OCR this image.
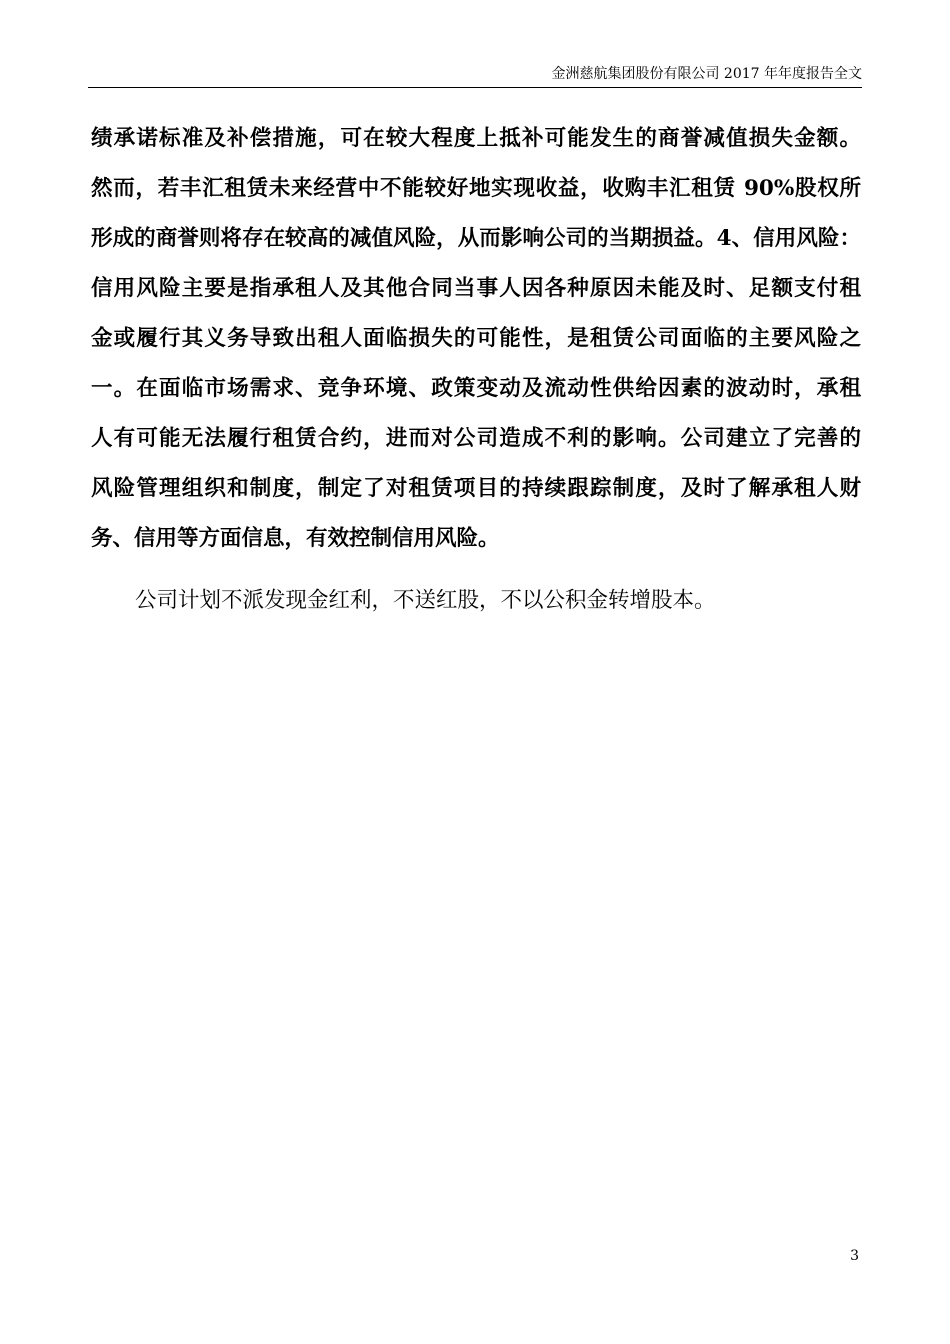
金洲慈航集团股份有限公司 2017 年年度报告全文
绩承诺标准及补偿措施，可在较大程度上抵补可能发生的商誉减值损失金额。
然而，若丰汇租赁未来经营中不能较好地实现收益，收购丰汇租赁 90%股权所
形成的商誉则将存在较高的减值风险，从而影响公司的当期损益。4、信用风险：
信用风险主要是指承租人及其他合同当事人因各种原因未能及时、足额支付租
金或履行其义务导致出租人面临损失的可能性，是租赁公司面临的主要风险之
一。在面临市场需求、竞争环境、政策变动及流动性供给因素的波动时，承租
人有可能无法履行租赁合约，进而对公司造成不利的影响。公司建立了完善的
风险管理组织和制度，制定了对租赁项目的持续跟踪制度，及时了解承租人财
务、信用等方面信息，有效控制信用风险。
公司计划不派发现金红利，不送红股，不以公积金转增股本。
3
